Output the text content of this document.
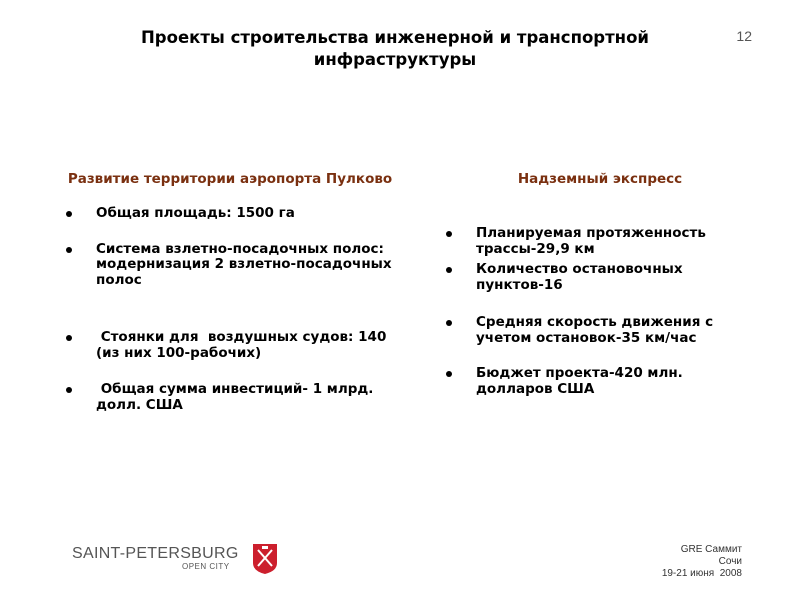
12
Проекты строительства инженерной и транспортной инфраструктуры
Развитие территории аэропорта Пулково
Общая площадь: 1500 га
Система взлетно-посадочных полос: модернизация 2 взлетно-посадочных полос
Стоянки для  воздушных судов: 140 (из них 100-рабочих)
Общая сумма инвестиций- 1 млрд. долл. США
Надземный экспресс
Планируемая протяженность трассы-29,9 км
Количество остановочных пунктов-16
Средняя скорость движения с учетом остановок-35 км/час
Бюджет проекта-420 млн. долларов США
SAINT-PETERSBURG
OPEN CITY
GRE Саммит
Сочи
19-21 июня  2008
